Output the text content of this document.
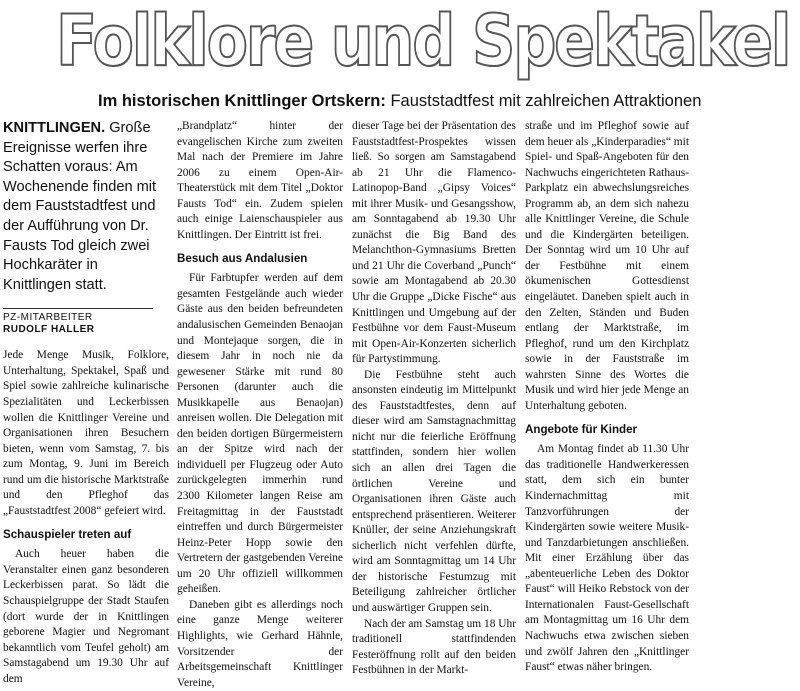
Folklore und Spektakel
Im historischen Knittlinger Ortskern: Fauststadtfest mit zahlreichen Attraktionen

KNITTLINGEN. Große Ereignisse werfen ihre Schatten voraus: Am Wochenende finden mit dem Fauststadtfest und der Aufführung von Dr. Fausts Tod gleich zwei Hochkaräter in Knittlingen statt.

PZ-MITARBEITER
RUDOLF HALLER

Jede Menge Musik, Folklore, Unterhaltung, Spektakel, Spaß und Spiel sowie zahlreiche kulinarische Spezialitäten und Leckerbissen wollen die Knittlinger Vereine und Organisationen ihren Besuchern bieten, wenn vom Samstag, 7. bis zum Montag, 9. Juni im Bereich rund um die historische Marktstraße und den Pfleghof das „Fauststadtfest 2008“ gefeiert wird.

Schauspieler treten auf

Auch heuer haben die Veranstalter einen ganz besonderen Leckerbissen parat. So lädt die Schauspielgruppe der Stadt Staufen (dort wurde der in Knittlingen geborene Magier und Negromant bekanntlich vom Teufel geholt) am Samstagabend um 19.30 Uhr auf dem

„Brandplatz“ hinter der evangelischen Kirche zum zweiten Mal nach der Premiere im Jahre 2006 zu einem Open-Air-Theaterstück mit dem Titel „Doktor Fausts Tod“ ein. Zudem spielen auch einige Laienschauspieler aus Knittlingen. Der Eintritt ist frei.

Besuch aus Andalusien

Für Farbtupfer werden auf dem gesamten Festgelände auch wieder Gäste aus den beiden befreundeten andalusischen Gemeinden Benaojan und Montejaque sorgen, die in diesem Jahr in noch nie da gewesener Stärke mit rund 80 Personen (darunter auch die Musikkapelle aus Benaojan) anreisen wollen. Die Delegation mit den beiden dortigen Bürgermeistern an der Spitze wird nach der individuell per Flugzeug oder Auto zurückgelegten immerhin rund 2300 Kilometer langen Reise am Freitagmittag in der Fauststadt eintreffen und durch Bürgermeister Heinz-Peter Hopp sowie den Vertretern der gastgebenden Vereine um 20 Uhr offiziell willkommen geheißen.

Daneben gibt es allerdings noch eine ganze Menge weiterer Highlights, wie Gerhard Hähnle, Vorsitzender der Arbeitsgemeinschaft Knittlinger Vereine,

dieser Tage bei der Präsentation des Fauststadtfest-Prospektes wissen ließ. So sorgen am Samstagabend ab 21 Uhr die Flamenco-Latinopop-Band „Gipsy Voices“ mit ihrer Musik- und Gesangsshow, am Sonntagabend ab 19.30 Uhr zunächst die Big Band des Melanchthon-Gymnasiums Bretten und 21 Uhr die Coverband „Punch“ sowie am Montagabend ab 20.30 Uhr die Gruppe „Dicke Fische“ aus Knittlingen und Umgebung auf der Festbühne vor dem Faust-Museum mit Open-Air-Konzerten sicherlich für Partystimmung.

Die Festbühne steht auch ansonsten eindeutig im Mittelpunkt des Fauststadtfestes, denn auf dieser wird am Samstagnachmittag nicht nur die feierliche Eröffnung stattfinden, sondern hier wollen sich an allen drei Tagen die örtlichen Vereine und Organisationen ihren Gäste auch entsprechend präsentieren. Weiterer Knüller, der seine Anziehungskraft sicherlich nicht verfehlen dürfte, wird am Sonntagmittag um 14 Uhr der historische Festumzug mit Beteiligung zahlreicher örtlicher und auswärtiger Gruppen sein.

Nach der am Samstag um 18 Uhr traditionell stattfindenden Festeröffnung rollt auf den beiden Festbühnen in der Markt-

straße und im Pfleghof sowie auf dem heuer als „Kinderparadies“ mit Spiel- und Spaß-Angeboten für den Nachwuchs eingerichteten Rathaus-Parkplatz ein abwechslungsreiches Programm ab, an dem sich nahezu alle Knittlinger Vereine, die Schule und die Kindergärten beteiligen. Der Sonntag wird um 10 Uhr auf der Festbühne mit einem ökumenischen Gottesdienst eingeläutet. Daneben spielt auch in den Zelten, Ständen und Buden entlang der Marktstraße, im Pfleghof, rund um den Kirchplatz sowie in der Fauststraße im wahrsten Sinne des Wortes die Musik und wird hier jede Menge an Unterhaltung geboten.

Angebote für Kinder

Am Montag findet ab 11.30 Uhr das traditionelle Handwerkeressen statt, dem sich ein bunter Kindernachmittag mit Tanzvorführungen der Kindergärten sowie weitere Musik- und Tanzdarbietungen anschließen. Mit einer Erzählung über das „abenteuerliche Leben des Doktor Faust“ will Heiko Rebstock von der Internationalen Faust-Gesellschaft am Montagmittag um 16 Uhr dem Nachwuchs etwa zwischen sieben und zwölf Jahren den „Knittlinger Faust“ etwas näher bringen.
